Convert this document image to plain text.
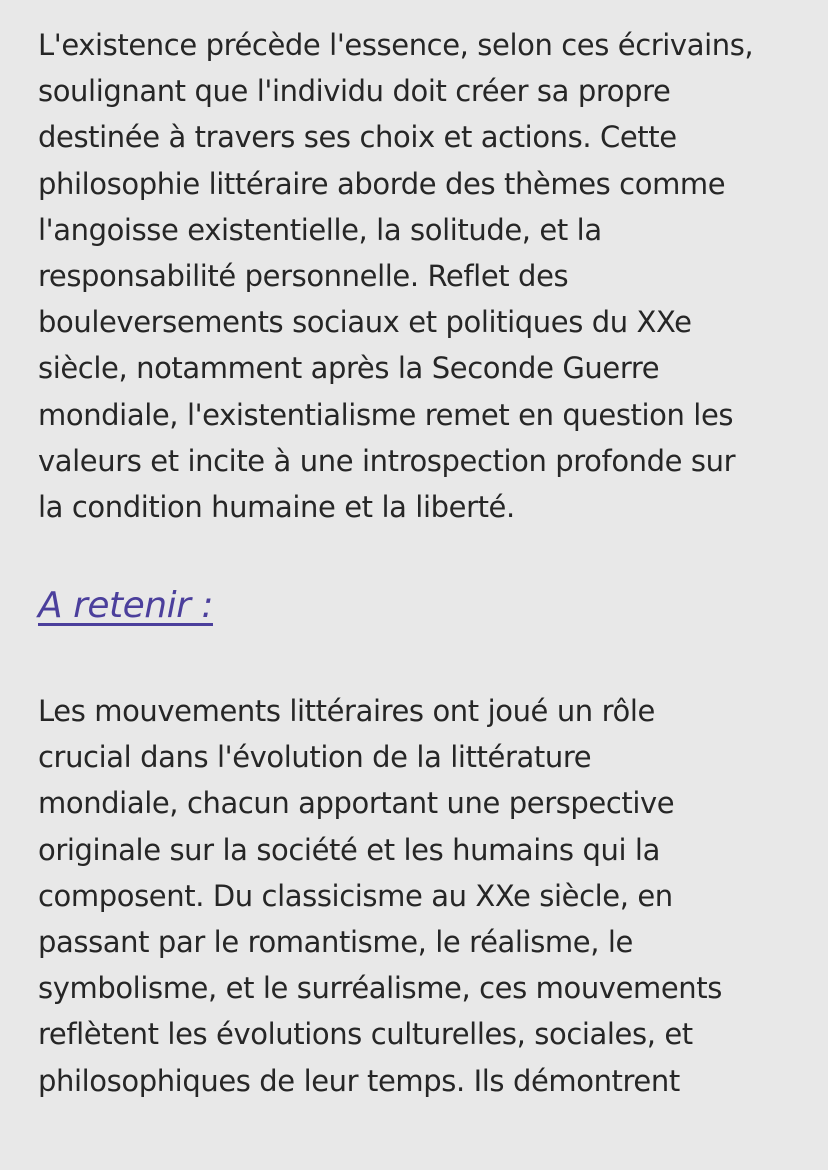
L'existence précède l'essence, selon ces écrivains,
soulignant que l'individu doit créer sa propre
destinée à travers ses choix et actions. Cette
philosophie littéraire aborde des thèmes comme
l'angoisse existentielle, la solitude, et la
responsabilité personnelle. Reflet des
bouleversements sociaux et politiques du XXe
siècle, notamment après la Seconde Guerre
mondiale, l'existentialisme remet en question les
valeurs et incite à une introspection profonde sur
la condition humaine et la liberté.
A retenir :
Les mouvements littéraires ont joué un rôle
crucial dans l'évolution de la littérature
mondiale, chacun apportant une perspective
originale sur la société et les humains qui la
composent. Du classicisme au XXe siècle, en
passant par le romantisme, le réalisme, le
symbolisme, et le surréalisme, ces mouvements
reflètent les évolutions culturelles, sociales, et
philosophiques de leur temps. Ils démontrent
